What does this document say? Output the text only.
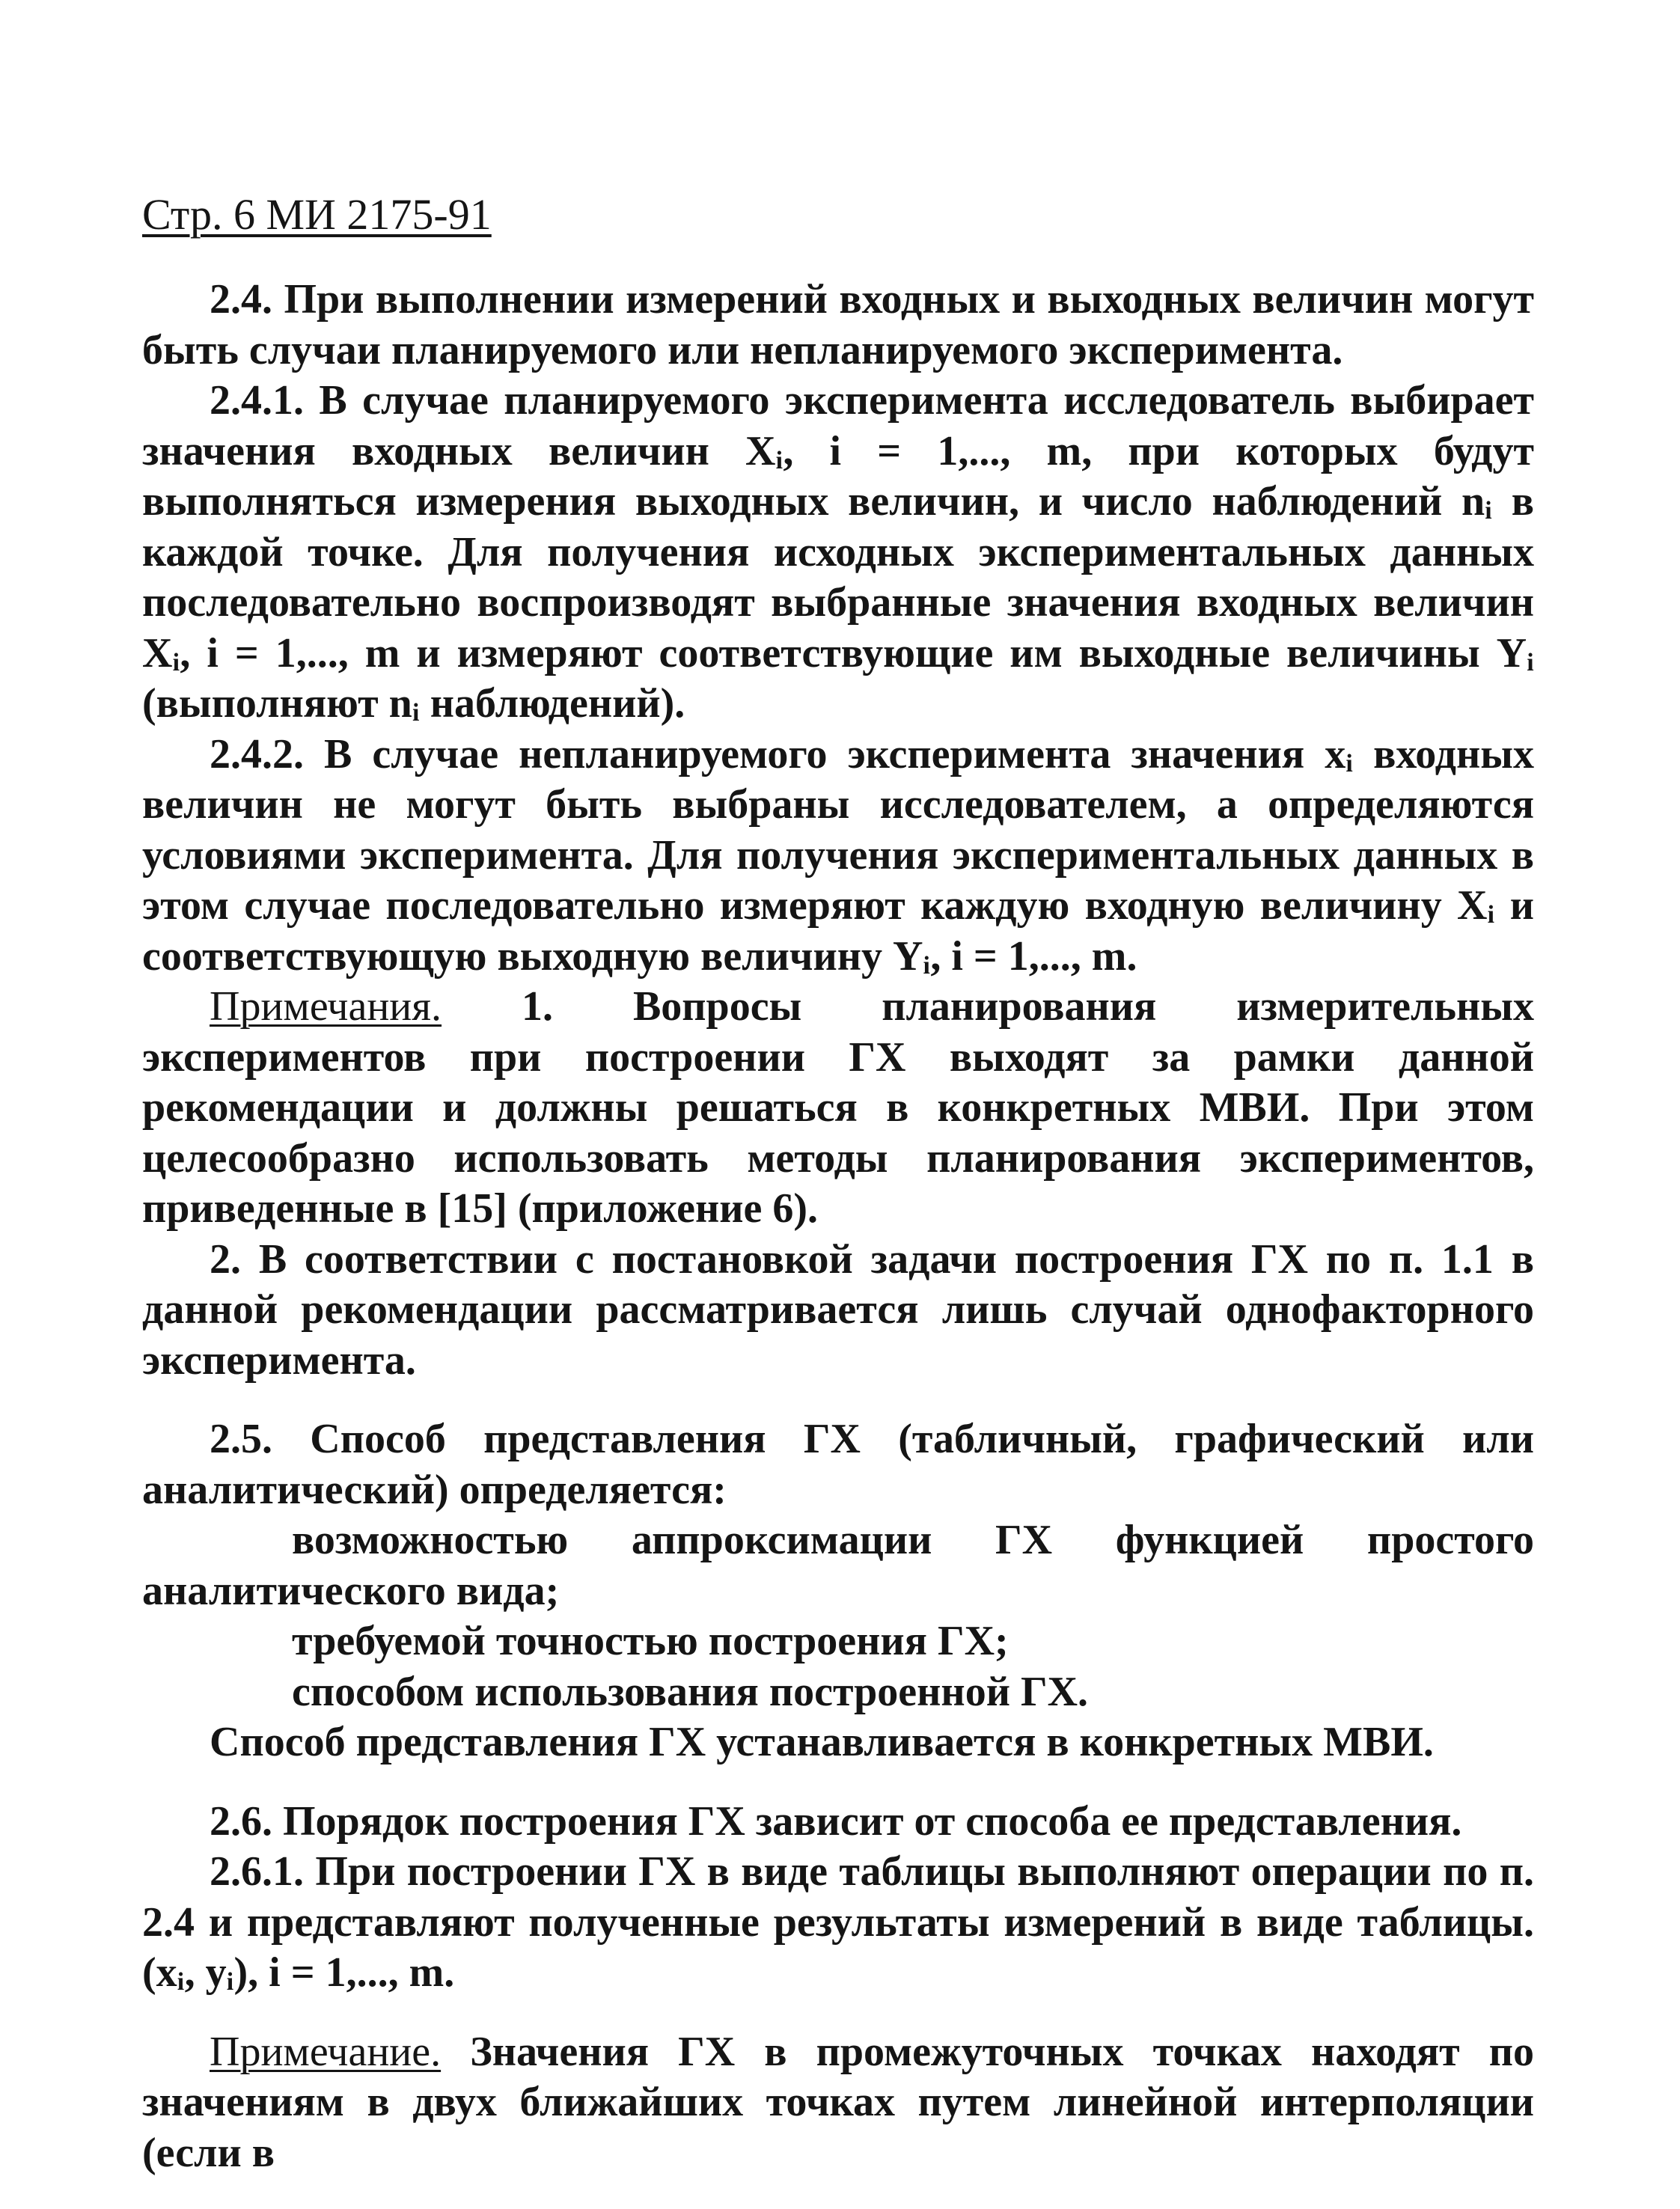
Стр. 6 МИ 2175-91

2.4. При выполнении измерений входных и выходных величин могут быть случаи планируемого или непланируемого эксперимента.

2.4.1. В случае планируемого эксперимента исследователь выбирает значения входных величин Xᵢ, i = 1,..., m, при которых будут выполняться измерения выходных величин, и число наблюдений nᵢ в каждой точке. Для получения исходных экспериментальных данных последовательно воспроизводят выбранные значения входных величин Xᵢ, i = 1,..., m и измеряют соответствующие им выходные величины Yᵢ (выполняют nᵢ наблюдений).

2.4.2. В случае непланируемого эксперимента значения xᵢ входных величин не могут быть выбраны исследователем, а определяются условиями эксперимента. Для получения экспериментальных данных в этом случае последовательно измеряют каждую входную величину Xᵢ и соответствующую выходную величину Yᵢ, i = 1,..., m.

Примечания. 1. Вопросы планирования измерительных экспериментов при построении ГХ выходят за рамки данной рекомендации и должны решаться в конкретных МВИ. При этом целесообразно использовать методы планирования экспериментов, приведенные в [15] (приложение 6).

2. В соответствии с постановкой задачи построения ГХ по п. 1.1 в данной рекомендации рассматривается лишь случай однофакторного эксперимента.

2.5. Способ представления ГХ (табличный, графический или аналитический) определяется:

возможностью аппроксимации ГХ функцией простого аналитического вида;

требуемой точностью построения ГХ;

способом использования построенной ГХ.

Способ представления ГХ устанавливается в конкретных МВИ.

2.6. Порядок построения ГХ зависит от способа ее представления.

2.6.1. При построении ГХ в виде таблицы выполняют операции по п. 2.4 и представляют полученные результаты измерений в виде таблицы. (xᵢ, yᵢ), i = 1,..., m.

Примечание. Значения ГХ в промежуточных точках находят по значениям в двух ближайших точках путем линейной интерполяции (если в
